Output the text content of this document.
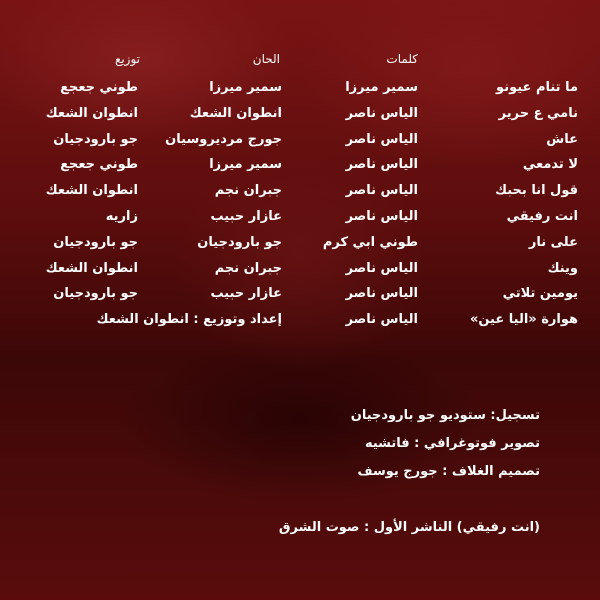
كلمات
الحان
توزيع
ما تنام عيونو
سمير ميرزا
سمير ميرزا
طوني جعجع
نامي ع حرير
الياس ناصر
انطوان الشعك
انطوان الشعك
عاش
الياس ناصر
جورج مرديروسيان
جو بارودجيان
لا تدمعي
الياس ناصر
سمير ميرزا
طوني جعجع
قول انا بحبك
الياس ناصر
جبران نجم
انطوان الشعك
انت رفيقي
الياس ناصر
عازار حبيب
زاريه
على نار
طوني ابي كرم
جو بارودجيان
جو بارودجيان
وينك
الياس ناصر
جبران نجم
انطوان الشعك
يومين تلاتي
الياس ناصر
عازار حبيب
جو بارودجيان
هوارة «اليا عين»
الياس ناصر
إعداد وتوزيع : انطوان الشعك
تسجيل: ستوديو جو بارودجيان
تصوير فوتوغرافي : فاتشيه
تصميم الغلاف : جورج يوسف
(انت رفيقي) الناشر الأول : صوت الشرق
